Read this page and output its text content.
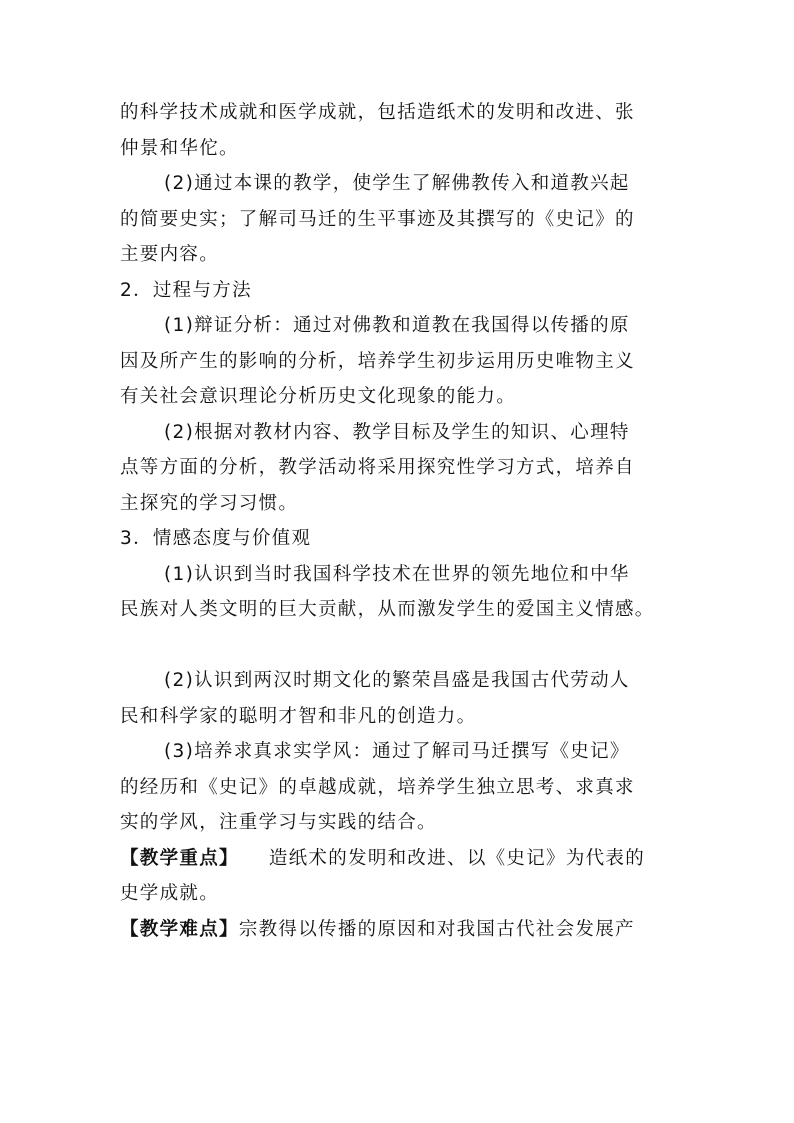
的科学技术成就和医学成就，包括造纸术的发明和改进、张
仲景和华佗。
(2)通过本课的教学，使学生了解佛教传入和道教兴起
的简要史实；了解司马迁的生平事迹及其撰写的《史记》的
主要内容。
2．过程与方法
(1)辩证分析：通过对佛教和道教在我国得以传播的原
因及所产生的影响的分析，培养学生初步运用历史唯物主义
有关社会意识理论分析历史文化现象的能力。
(2)根据对教材内容、教学目标及学生的知识、心理特
点等方面的分析，教学活动将采用探究性学习方式，培养自
主探究的学习习惯。
3．情感态度与价值观
(1)认识到当时我国科学技术在世界的领先地位和中华
民族对人类文明的巨大贡献，从而激发学生的爱国主义情感。
(2)认识到两汉时期文化的繁荣昌盛是我国古代劳动人
民和科学家的聪明才智和非凡的创造力。
(3)培养求真求实学风：通过了解司马迁撰写《史记》
的经历和《史记》的卓越成就，培养学生独立思考、求真求
实的学风，注重学习与实践的结合。
【教学重点】 造纸术的发明和改进、以《史记》为代表的
史学成就。
【教学难点】宗教得以传播的原因和对我国古代社会发展产
